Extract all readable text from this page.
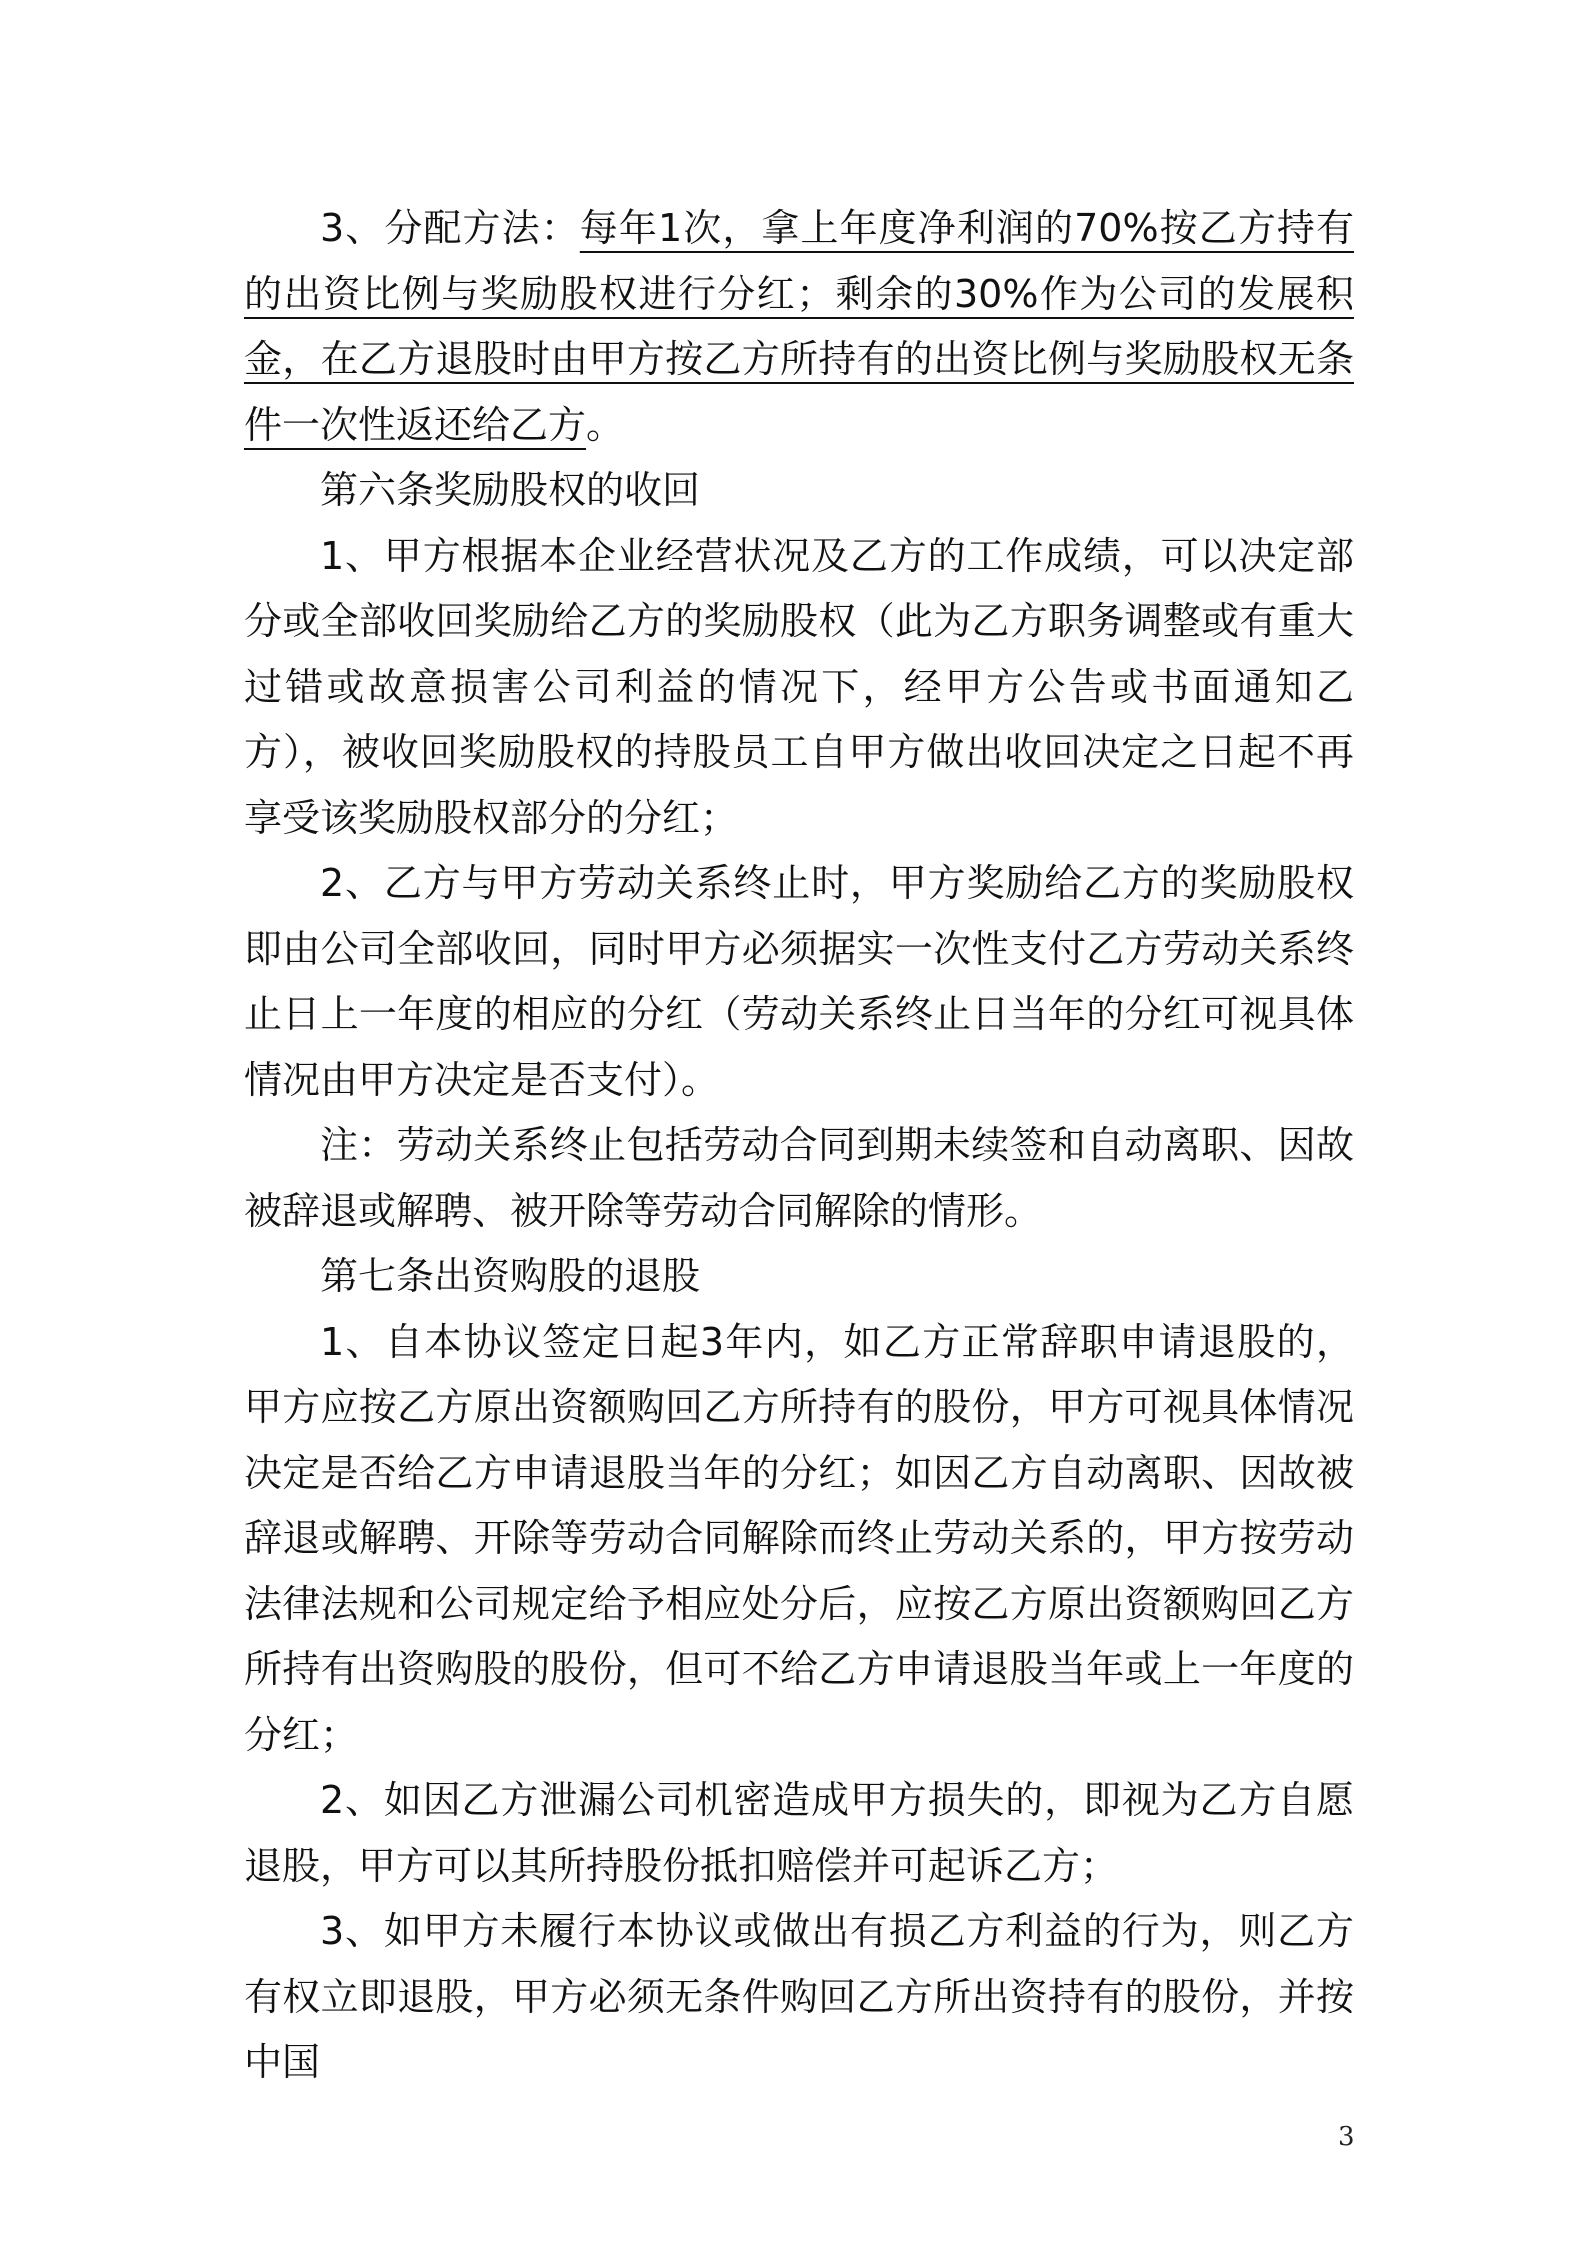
3、分配方法：每年1次，拿上年度净利润的70%按乙方持有的出资比例与奖励股权进行分红；剩余的30%作为公司的发展积金，在乙方退股时由甲方按乙方所持有的出资比例与奖励股权无条件一次性返还给乙方。

第六条奖励股权的收回

1、甲方根据本企业经营状况及乙方的工作成绩，可以决定部分或全部收回奖励给乙方的奖励股权（此为乙方职务调整或有重大过错或故意损害公司利益的情况下，经甲方公告或书面通知乙方），被收回奖励股权的持股员工自甲方做出收回决定之日起不再享受该奖励股权部分的分红；

2、乙方与甲方劳动关系终止时，甲方奖励给乙方的奖励股权即由公司全部收回，同时甲方必须据实一次性支付乙方劳动关系终止日上一年度的相应的分红（劳动关系终止日当年的分红可视具体情况由甲方决定是否支付）。

注：劳动关系终止包括劳动合同到期未续签和自动离职、因故被辞退或解聘、被开除等劳动合同解除的情形。

第七条出资购股的退股

1、自本协议签定日起3年内，如乙方正常辞职申请退股的，甲方应按乙方原出资额购回乙方所持有的股份，甲方可视具体情况决定是否给乙方申请退股当年的分红；如因乙方自动离职、因故被辞退或解聘、开除等劳动合同解除而终止劳动关系的，甲方按劳动法律法规和公司规定给予相应处分后，应按乙方原出资额购回乙方所持有出资购股的股份，但可不给乙方申请退股当年或上一年度的分红；

2、如因乙方泄漏公司机密造成甲方损失的，即视为乙方自愿退股，甲方可以其所持股份抵扣赔偿并可起诉乙方；

3、如甲方未履行本协议或做出有损乙方利益的行为，则乙方有权立即退股，甲方必须无条件购回乙方所出资持有的股份，并按中国

3
